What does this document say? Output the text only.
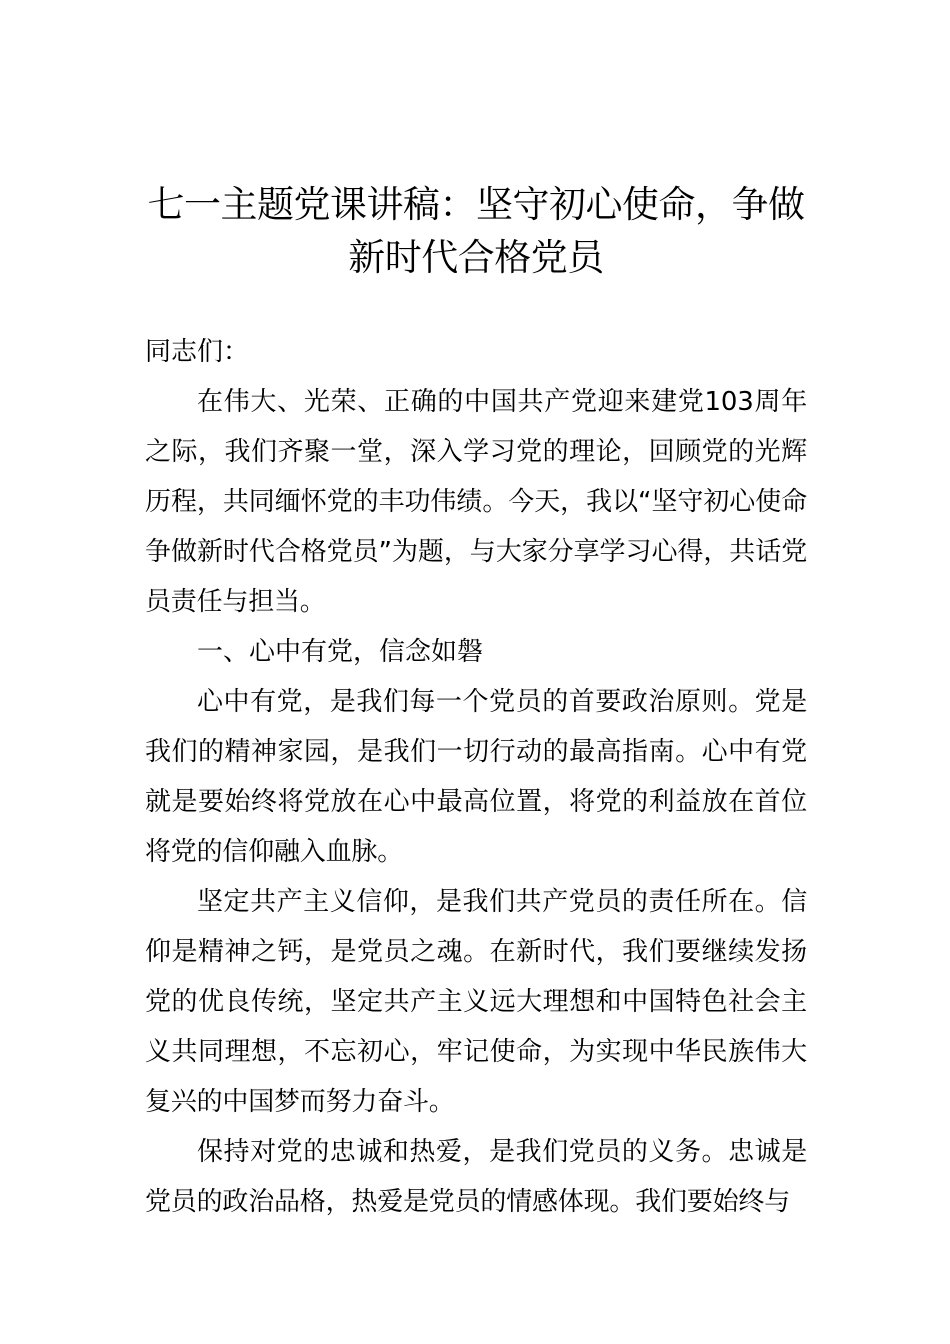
七一主题党课讲稿：坚守初心使命，争做新时代合格党员

同志们：

在伟大、光荣、正确的中国共产党迎来建党103周年之际，我们齐聚一堂，深入学习党的理论，回顾党的光辉历程，共同缅怀党的丰功伟绩。今天，我以“坚守初心使命争做新时代合格党员”为题，与大家分享学习心得，共话党员责任与担当。

一、心中有党，信念如磐

心中有党，是我们每一个党员的首要政治原则。党是我们的精神家园，是我们一切行动的最高指南。心中有党就是要始终将党放在心中最高位置，将党的利益放在首位将党的信仰融入血脉。

坚定共产主义信仰，是我们共产党员的责任所在。信仰是精神之钙，是党员之魂。在新时代，我们要继续发扬党的优良传统，坚定共产主义远大理想和中国特色社会主义共同理想，不忘初心，牢记使命，为实现中华民族伟大复兴的中国梦而努力奋斗。

保持对党的忠诚和热爱，是我们党员的义务。忠诚是党员的政治品格，热爱是党员的情感体现。我们要始终与
